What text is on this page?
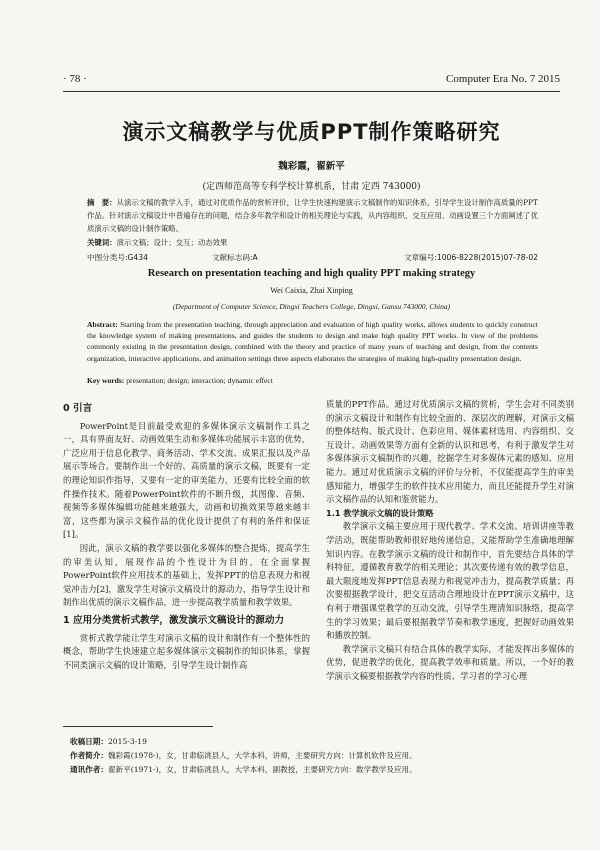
· 78 ·	Computer Era No. 7 2015
演示文稿教学与优质PPT制作策略研究
魏彩霞，翟新平
(定西师范高等专科学校计算机系，甘肃 定西 743000)
摘　要：从演示文稿的教学入手，通过对优质作品的赏析评价，让学生快速构建演示文稿制作的知识体系，引导学生设计制作高质量的PPT作品。针对演示文稿设计中普遍存在的问题，结合多年教学和设计的相关理论与实践，从内容组织、交互应用、动画设置三个方面阐述了优质演示文稿的设计制作策略。
关键词：演示文稿；设计；交互；动态效果
中图分类号:G434	文献标志码:A	文章编号:1006-8228(2015)07-78-02
Research on presentation teaching and high quality PPT making strategy
Wei Caixia, Zhai Xinping
(Department of Computer Science, Dingxi Teachers College, Dingxi, Gansu 743000, China)
Abstract: Starting from the presentation teaching, through appreciation and evaluation of high quality works, allows students to quickly construct the knowledge system of making presentations, and guides the students to design and make high quality PPT works. In view of the problems commonly existing in the presentation design, combined with the theory and practice of many years of teaching and design, from the contents organization, interactive applications, and animation settings three aspects elaborates the strategies of making high-quality presentation design.
Key words: presentation; design; interaction; dynamic effect
0 引言

PowerPoint是目前最受欢迎的多媒体演示文稿制作工具之一，具有界面友好、动画效果生动和多媒体功能展示丰富的优势，广泛应用于信息化教学、商务活动、学术交流、成果汇报以及产品展示等场合。要制作出一个好的、高质量的演示文稿，既要有一定的理论知识作指导，又要有一定的审美能力，还要有比较全面的软件操作技术。随着PowerPoint软件的不断升级，其图像、音频、视频等多媒体编辑功能越来越强大，动画和切换效果等越来越丰富，这些都为演示文稿作品的优化设计提供了有利的条件和保证[1]。

因此，演示文稿的教学要以强化多媒体的整合提炼，提高学生的审美认知，展现作品的个性设计为目的，在全面掌握PowerPoint软件应用技术的基础上，发挥PPT的信息表现力和视觉冲击力[2]，激发学生对演示文稿设计的源动力，指导学生设计和制作出优质的演示文稿作品，进一步提高教学质量和教学效果。

1 应用分类赏析式教学，激发演示文稿设计的源动力

赏析式教学能让学生对演示文稿的设计和制作有一个整体性的概念，帮助学生快速建立起多媒体演示文稿制作的知识体系，掌握不同类演示文稿的设计策略，引导学生设计制作高

质量的PPT作品。通过对优质演示文稿的赏析，学生会对不同类别的演示文稿设计和制作有比较全面的、深层次的理解，对演示文稿的整体结构、版式设计、色彩应用、媒体素材选用、内容组织、交互设计、动画效果等方面有全新的认识和思考，有利于激发学生对多媒体演示文稿制作的兴趣，挖掘学生对多媒体元素的感知、应用能力。通过对优质演示文稿的评价与分析，不仅能提高学生的审美感知能力，增强学生的软件技术应用能力，而且还能提升学生对演示文稿作品的认知和鉴赏能力。

1.1 教学演示文稿的设计策略

教学演示文稿主要应用于现代教学、学术交流、培训讲座等教学活动，既能帮助教师很好地传递信息，又能帮助学生准确地理解知识内容。在教学演示文稿的设计和制作中，首先要结合具体的学科特征，遵循教育教学的相关理论；其次要传递有效的教学信息，最大限度地发挥PPT信息表现力和视觉冲击力，提高教学质量；再次要根据教学设计，把交互活动合理地设计在PPT演示文稿中，这有利于增强课堂教学的互动交流，引导学生理清知识脉络，提高学生的学习效果；最后要根据教学节奏和教学速度，把握好动画效果和播放控制。

教学演示文稿只有结合具体的教学实际，才能发挥出多媒体的优势，促进教学的优化，提高教学效率和质量。所以，一个好的教学演示文稿要根据教学内容的性质、学习者的学习心理

收稿日期：2015-3-19
作者简介：魏彩霞(1978-)，女，甘肃临洮县人，大学本科，讲师，主要研究方向：计算机软件及应用。
通讯作者：翟新平(1971-)，女，甘肃临洮县人，大学本科，副教授，主要研究方向：数学教学及应用。
